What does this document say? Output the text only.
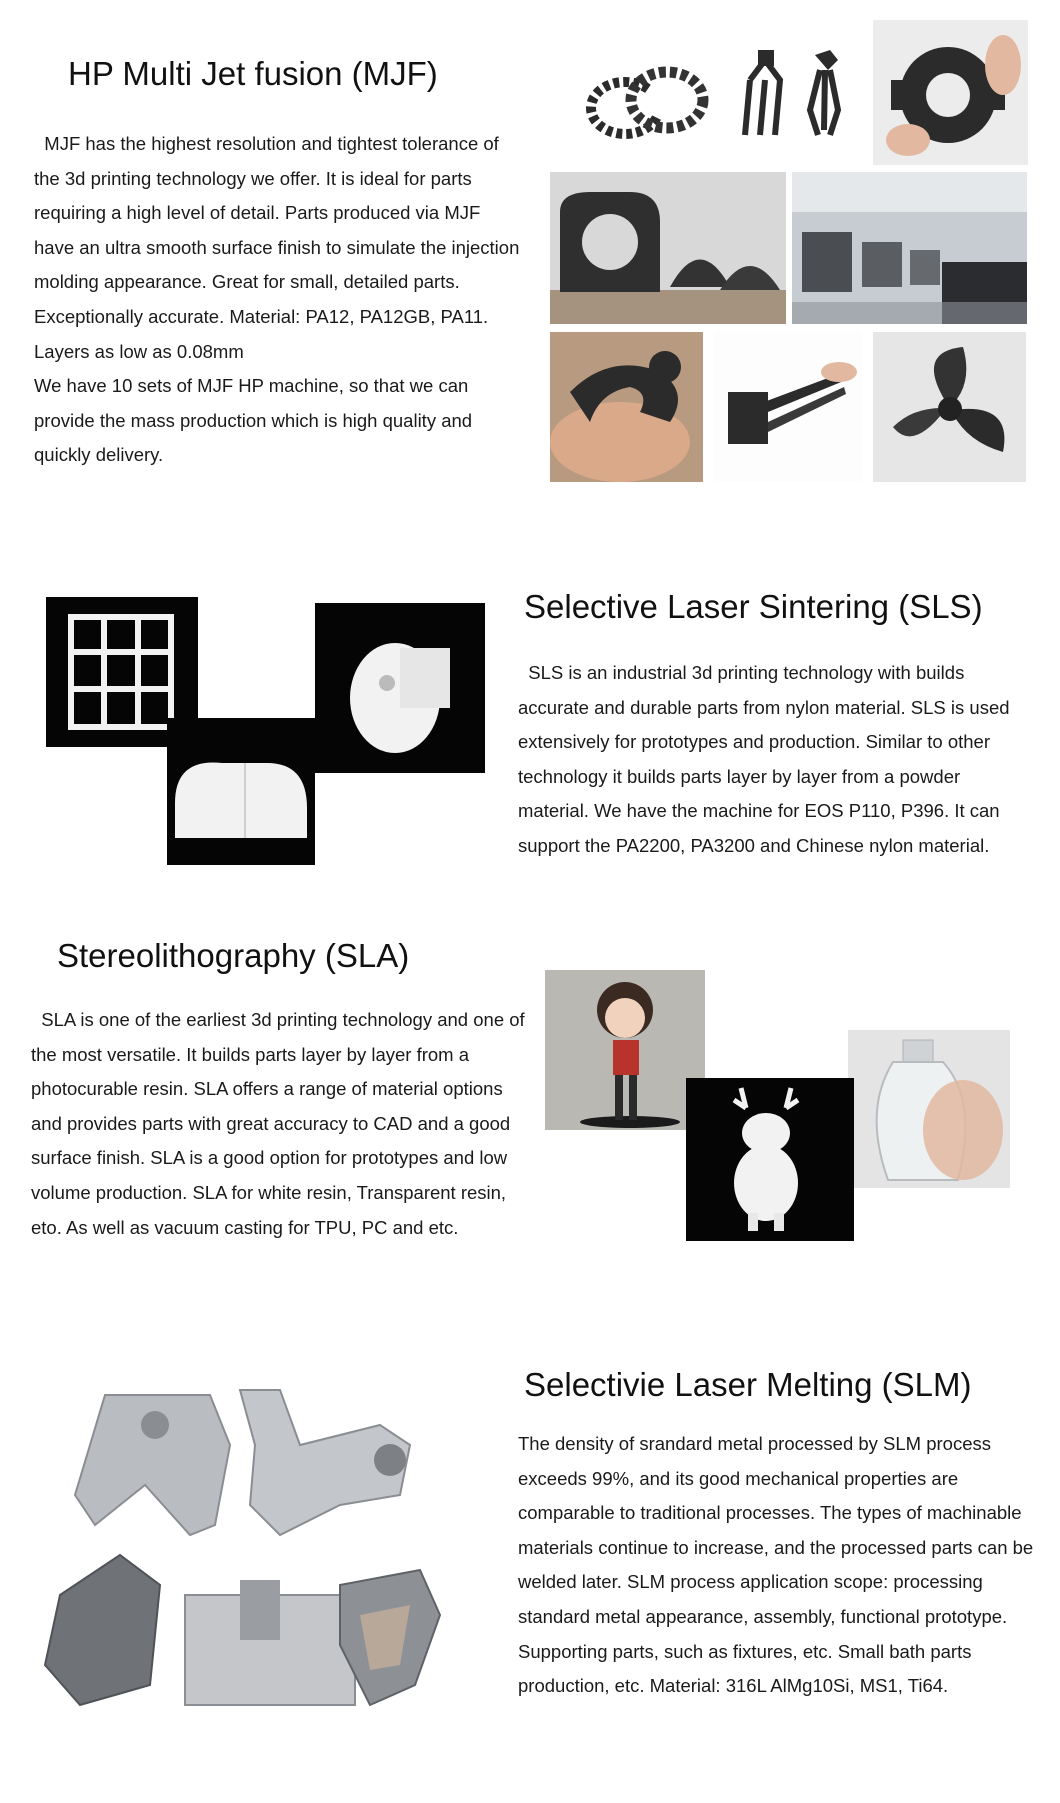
HP Multi Jet fusion (MJF)

MJF has the highest resolution and tightest tolerance of the 3d printing technology we offer. It is ideal for parts requiring a high level of detail. Parts produced via MJF have an ultra smooth surface finish to simulate the injection molding appearance. Great for small, detailed parts. Exceptionally accurate. Material: PA12, PA12GB, PA11.

Layers as low as 0.08mm

We have 10 sets of MJF HP machine, so that we can provide the mass production which is high quality and quickly delivery.

Selective Laser Sintering (SLS)

SLS is an industrial 3d printing technology with builds accurate and durable parts from nylon material. SLS is used extensively for prototypes and production. Similar to other technology it builds parts layer by layer from a powder material. We have the machine for EOS P110, P396. It can support the PA2200, PA3200 and Chinese nylon material.

Stereolithography (SLA)

SLA is one of the earliest 3d printing technology and one of the most versatile. It builds parts layer by layer from a photocurable resin. SLA offers a range of material options and provides parts with great accuracy to CAD and a good surface finish. SLA is a good option for prototypes and low volume production. SLA for white resin, Transparent resin, eto. As well as vacuum casting for TPU, PC and etc.

Selectivie Laser Melting (SLM)

The density of srandard metal processed by SLM process exceeds 99%, and its good mechanical properties are comparable to traditional processes. The types of machinable materials continue to increase, and the processed parts can be welded later. SLM process application scope: processing standard metal appearance, assembly, functional prototype. Supporting parts, such as fixtures, etc. Small bath parts production, etc. Material: 316L AlMg10Si, MS1, Ti64.
